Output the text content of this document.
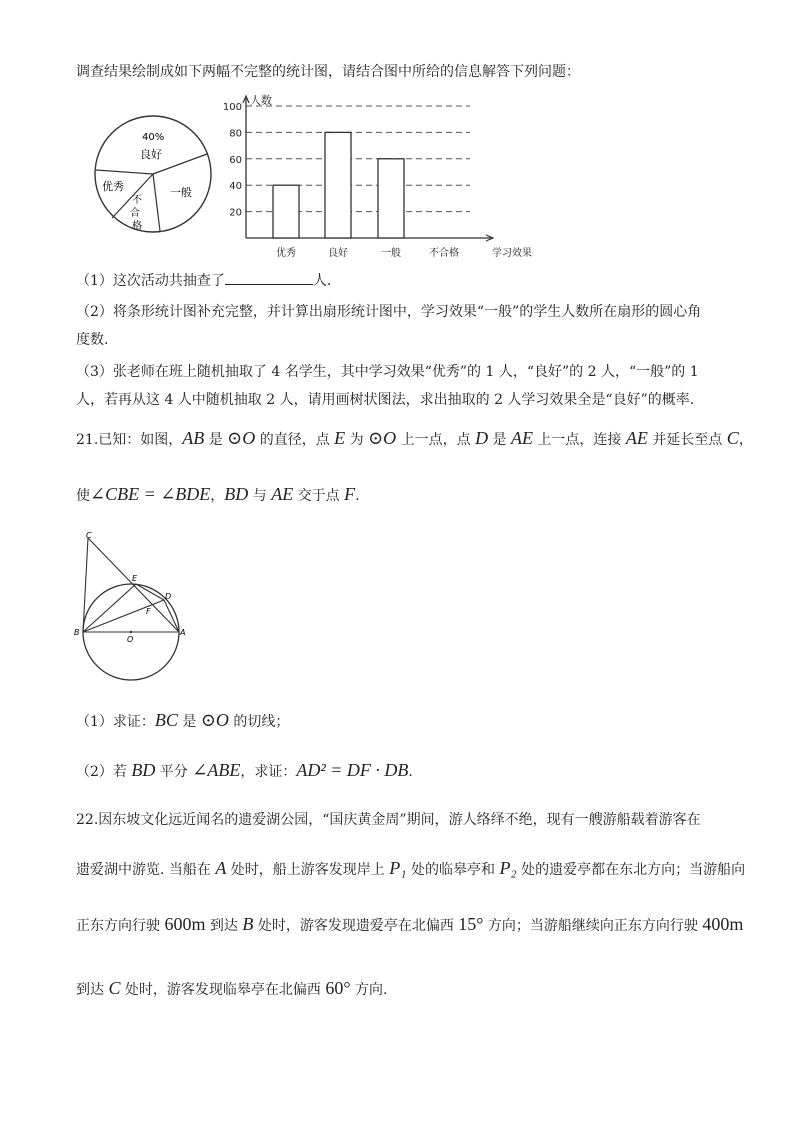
调查结果绘制成如下两幅不完整的统计图，请结合图中所给的信息解答下列问题：
40%
良好
优秀
不
合
格
一般
20
40
60
80
100
人数
学习效果
优秀	良好	一般	不合格
（1）这次活动共抽查了	人.
（2）将条形统计图补充完整，并计算出扇形统计图中，学习效果“一般”的学生人数所在扇形的圆心角
度数.
（3）张老师在班上随机抽取了 4 名学生，其中学习效果“优秀”的 1 人，“良好”的 2 人，“一般”的 1
人，若再从这 4 人中随机抽取 2 人，请用画树状图法，求出抽取的 2 人学习效果全是“良好”的概率.
21.已知：如图，AB 是 ⊙O 的直径，点 E 为 ⊙O 上一点，点 D 是 AE 上一点，连接 AE 并延长至点 C，
使∠CBE = ∠BDE，BD 与 AE 交于点 F.
C
E
D
F
B
O
A
（1）求证：BC 是 ⊙O 的切线；
（2）若 BD 平分 ∠ABE，求证：AD² = DF · DB.
22.因东坡文化远近闻名的遗爱湖公园，“国庆黄金周”期间，游人络绎不绝，现有一艘游船载着游客在
遗爱湖中游览. 当船在 A 处时，船上游客发现岸上 P₁ 处的临皋亭和 P₂ 处的遗爱亭都在东北方向；当游船向
正东方向行驶 600m 到达 B 处时，游客发现遗爱亭在北偏西 15° 方向；当游船继续向正东方向行驶 400m
到达 C 处时，游客发现临皋亭在北偏西 60° 方向.
